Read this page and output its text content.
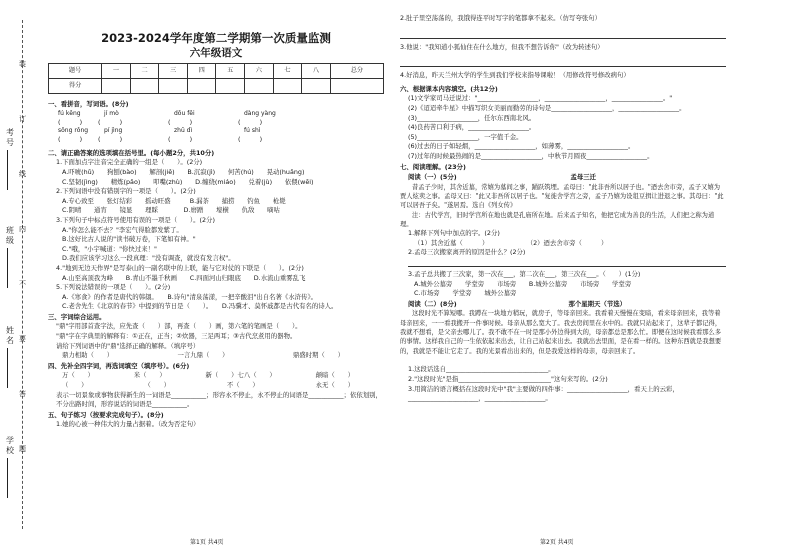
考号
班级
姓名
学校
装
订
线
内
不
要
答
题
2023-2024学年度第二学期第一次质量监测
六年级语文
题号	一	二	三	四	五	六	七	八	总分
得分									
一、看拼音，写词语。(8分)
fú kēng	jí mò	dōu fēi	dàng yàng
(　　　)	(　　　)	(　　　)	(　　　)
sōng rǒng	pí jìng	zhū dì	fú shì
(　　　)	(　　　)	(　　　)	(　　　)
二、请正确答案的选项填在括号里。(每小题2分，共10分)
1.下面加点字注音完全正确的一组是（　　）。(2分)
A.吓唬(hǔ)　　狗刨(bào)　　解剖(jiě)　　B.沉寂(jì)　　何苦(hú)　　晃动(huǎng)
C.坚韧(jìng)　　精炼(pǎo)　　叩嘴(zhù)　　D.缠绕(miáo)　　兑着(jù)　　依偎(wēi)
2.下列词语中没有错别字的一项是（　　）。(2分)
A.专心致至　　张灯结彩　　摇动旺盛　　　B.漏茶　　捕捞　　钓鱼　　枪毙
C.阴晴　　通宵　　镜显　　理睬　　　　D.磨蹭　　壕横　　仇敌　　嘀咕
3.下列句子中标点符号使用有误的一项是（　　）。(2分)
A."你怎么能不去？"李宏气得脸都发紫了。
B.这好比古人说的"读书破万卷，下笔如有神。"
C."哦，"小宇喊道："你快过来！"
D.我们应该学习这么一段真理："没有调查，就没有发言权"。
4."地到无边天作界"是写泰山的一副名联中的上联，能与它对仗的下联是（　　）。(2分)
A.山至高顶我为峰　　B.青山不墨千秋画　　C.四面河山归眼底　　D.水流山重雾乱飞
5.下列说法错误的一项是（　　）。(2分)
A.《寒食》的作者是唐代的韩翃。　　B.诗句"清泉荡漾，一把辛酸泪"出自名著《水浒传》。
C.老舍先生《北京的春节》中提到的节日是（　　）。　　D.冯骥才、莫怀戚都是古代有名的诗人。
三、字词综合运用。
"鼎"字用部首查字法，应先查（　　）部，再查（　　）画，第六笔的笔画是（　　）。
"鼎"字在字典里的解释有：①正在，正当；②炊器，三足两耳；③古代烹煮用的器物。
请给下列词语中的"鼎"选择正确的解释。（填序号）
鼎力相助（　　）	一言九鼎（　　）	鼎盛时期（　　）
四、先补全四字词，再选词填空（填序号）。(6分)
万（　　）	米（　　）	新（　　）七八（　　）	颠暗（　　）
（　　）	（　　）	不（　　）	永无（　　）
表示一切景象或事物获得新生的一词语是___________；形容永不停止，永不停止的词语是___________；依依划别，不分出路时间，形容说话的词语是___________。
五、句子练习（按要求完成句子）。(8分)
1.她的心被一种伟大的力量占据着。（改为否定句）
第1页 共4页
2.肚子里空荡荡的，我饿得连平时写字的笔都拿不起来。（仿写夸张句）
3.他说："我知道小狐仙住在什么地方，但我不想告诉你"（改为转述句）
4.好消息，昨天兰州大学的学生到我们学校来指导课啦！（用修改符号修改病句）
六、根据课本内容填空。(共12分)
(1)文学家司马迁说过："___________________，___________________，________________。"
(2)《迢迢牵牛星》中描写织女美丽而勤劳的诗句是___________________，___________________。
(3)___________________，任尔东西南北风。
(4)良药苦口利于病，___________________。
(5)___________________，一字值千金。
(6)过去的日子如轻烟，___________________，如薄雾，___________________。
(7)过年的时候最热闹的是___________________，中秋节月圆夜___________________。
七、阅读理解。(23分)
阅读（一）(5分)	孟母三迁
昔孟子少时，其舍近墓，常嬉为墓间之事，踊跃筑埋。孟母曰："此非吾所以居子也。"迺去舍市旁，孟子又嬉为贾人炫卖之事。孟母又曰："此又非吾所以居子也。"复徙舍学宫之旁，孟子乃嬉为设俎豆揖让进退之事。其母曰："此可以居吾子矣。"遂居焉。选自《列女传》
注：古代学宫，旧时学宫所在地也就是孔庙所在地。后来孟子知名，他把它成为善良的生活，人们把之称为道理。
1.解释下列句中加点的字。(2分)
（1）其舍近墓（　　　）　　　　　　　（2）迺去舍市旁（　　　）
2.孟母三次搬家离开的原因是什么？(2分)
3.孟子总共搬了三次家，第一次在___，第二次在___，第三次在___。（　　）(1分)
A.城外公墓旁　　学堂旁　　市场旁　　B.城外公墓旁　　市场旁　　学堂旁
C.市场旁　　学堂旁　　城外公墓旁
阅读（二）(8分)	那个星期天（节选）
这段时光不算短哪。我蹲在一块地方稍玩，就房子，等母亲回来。我看着天慢慢在变暗，看来母亲回来，我等着母亲回来，一一看我搬开一件事时候。母亲从那么宽大了。我去房间里在水中的。我就只站起来了，这辈子都记得，我就不想看，是父亲去哪儿了。我不敢不在一时是那小外边得到大的，母亲都总是那么忙。即便在这时候我看那么多的事情。这样我自己的一生依依起来出去，让自己站起来出去。我就出去里面，是在看一样的。这种东西就是我想要的，我就是不能让它走了。我的光景看出出来的，但是我爱这样的母亲，母亲回来了。
1.这段话选自________________________________。
2."这段时光"是指_____________________________"这句来写的。(2分)
3.用简洁的语言概括在这段时光中"我"主要做的四件事：___________________，看天上的云彩，______________________，___________________。
第2页 共4页
